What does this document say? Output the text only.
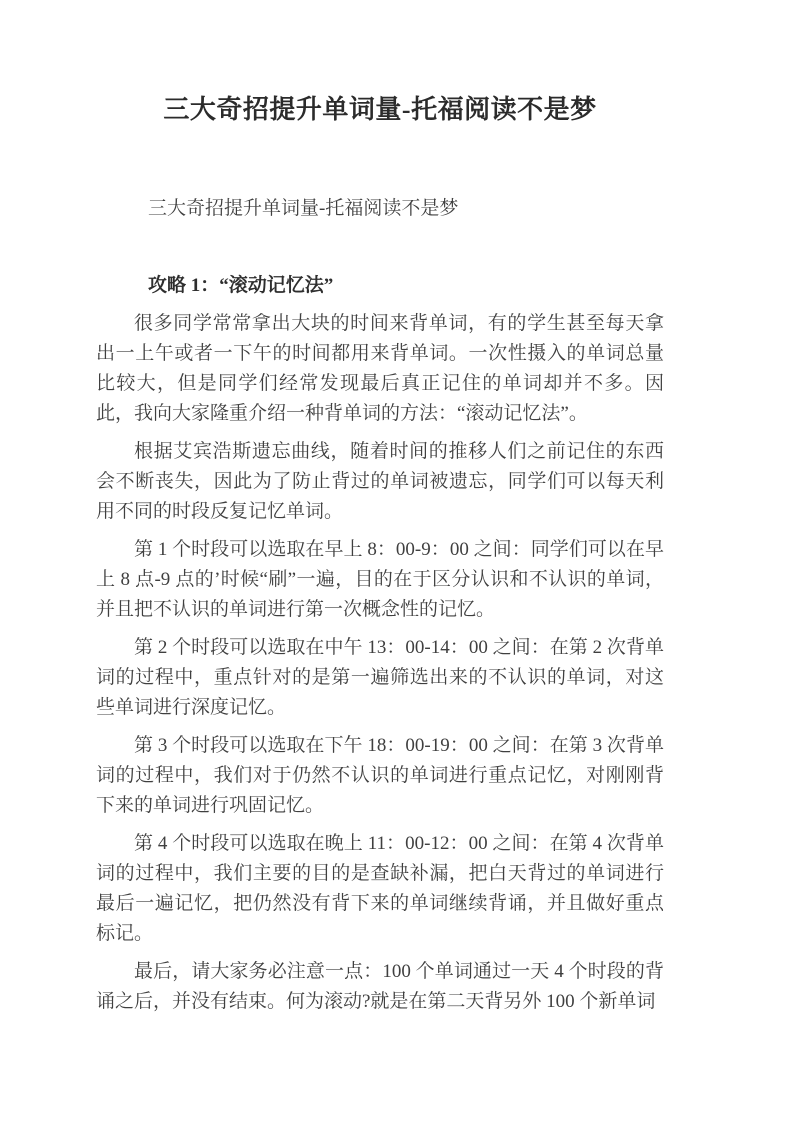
三大奇招提升单词量-托福阅读不是梦

三大奇招提升单词量-托福阅读不是梦

攻略 1：“滚动记忆法”

很多同学常常拿出大块的时间来背单词，有的学生甚至每天拿出一上午或者一下午的时间都用来背单词。一次性摄入的单词总量比较大，但是同学们经常发现最后真正记住的单词却并不多。因此，我向大家隆重介绍一种背单词的方法：“滚动记忆法”。

根据艾宾浩斯遗忘曲线，随着时间的推移人们之前记住的东西会不断丧失，因此为了防止背过的单词被遗忘，同学们可以每天利用不同的时段反复记忆单词。

第 1 个时段可以选取在早上 8：00-9：00 之间：同学们可以在早上 8 点-9 点的’时候“刷”一遍，目的在于区分认识和不认识的单词，并且把不认识的单词进行第一次概念性的记忆。

第 2 个时段可以选取在中午 13：00-14：00 之间：在第 2 次背单词的过程中，重点针对的是第一遍筛选出来的不认识的单词，对这些单词进行深度记忆。

第 3 个时段可以选取在下午 18：00-19：00 之间：在第 3 次背单词的过程中，我们对于仍然不认识的单词进行重点记忆，对刚刚背下来的单词进行巩固记忆。

第 4 个时段可以选取在晚上 11：00-12：00 之间：在第 4 次背单词的过程中，我们主要的目的是查缺补漏，把白天背过的单词进行最后一遍记忆，把仍然没有背下来的单词继续背诵，并且做好重点标记。

最后，请大家务必注意一点：100 个单词通过一天 4 个时段的背诵之后，并没有结束。何为滚动?就是在第二天背另外 100 个新单词
